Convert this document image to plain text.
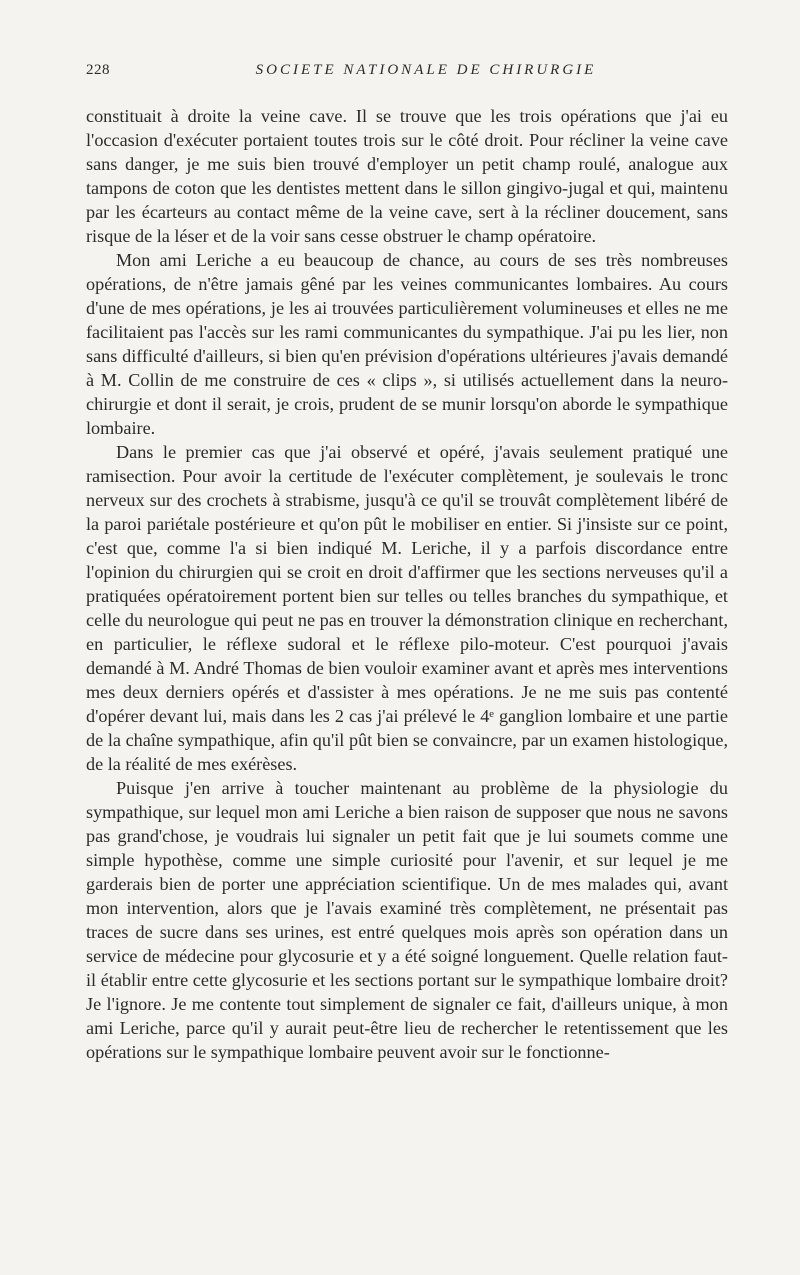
228	SOCIETE NATIONALE DE CHIRURGIE

constituait à droite la veine cave. Il se trouve que les trois opérations que j'ai eu l'occasion d'exécuter portaient toutes trois sur le côté droit. Pour récliner la veine cave sans danger, je me suis bien trouvé d'employer un petit champ roulé, analogue aux tampons de coton que les dentistes mettent dans le sillon gingivo-jugal et qui, maintenu par les écarteurs au contact même de la veine cave, sert à la récliner doucement, sans risque de la léser et de la voir sans cesse obstruer le champ opératoire.

Mon ami Leriche a eu beaucoup de chance, au cours de ses très nombreuses opérations, de n'être jamais gêné par les veines communicantes lombaires. Au cours d'une de mes opérations, je les ai trouvées particulièrement volumineuses et elles ne me facilitaient pas l'accès sur les rami communicantes du sympathique. J'ai pu les lier, non sans difficulté d'ailleurs, si bien qu'en prévision d'opérations ultérieures j'avais demandé à M. Collin de me construire de ces « clips », si utilisés actuellement dans la neuro-chirurgie et dont il serait, je crois, prudent de se munir lorsqu'on aborde le sympathique lombaire.

Dans le premier cas que j'ai observé et opéré, j'avais seulement pratiqué une ramisection. Pour avoir la certitude de l'exécuter complètement, je soulevais le tronc nerveux sur des crochets à strabisme, jusqu'à ce qu'il se trouvât complètement libéré de la paroi pariétale postérieure et qu'on pût le mobiliser en entier. Si j'insiste sur ce point, c'est que, comme l'a si bien indiqué M. Leriche, il y a parfois discordance entre l'opinion du chirurgien qui se croit en droit d'affirmer que les sections nerveuses qu'il a pratiquées opératoirement portent bien sur telles ou telles branches du sympathique, et celle du neurologue qui peut ne pas en trouver la démonstration clinique en recherchant, en particulier, le réflexe sudoral et le réflexe pilo-moteur. C'est pourquoi j'avais demandé à M. André Thomas de bien vouloir examiner avant et après mes interventions mes deux derniers opérés et d'assister à mes opérations. Je ne me suis pas contenté d'opérer devant lui, mais dans les 2 cas j'ai prélevé le 4ᵉ ganglion lombaire et une partie de la chaîne sympathique, afin qu'il pût bien se convaincre, par un examen histologique, de la réalité de mes exérèses.

Puisque j'en arrive à toucher maintenant au problème de la physiologie du sympathique, sur lequel mon ami Leriche a bien raison de supposer que nous ne savons pas grand'chose, je voudrais lui signaler un petit fait que je lui soumets comme une simple hypothèse, comme une simple curiosité pour l'avenir, et sur lequel je me garderais bien de porter une appréciation scientifique. Un de mes malades qui, avant mon intervention, alors que je l'avais examiné très complètement, ne présentait pas traces de sucre dans ses urines, est entré quelques mois après son opération dans un service de médecine pour glycosurie et y a été soigné longuement. Quelle relation faut-il établir entre cette glycosurie et les sections portant sur le sympathique lombaire droit? Je l'ignore. Je me contente tout simplement de signaler ce fait, d'ailleurs unique, à mon ami Leriche, parce qu'il y aurait peut-être lieu de rechercher le retentissement que les opérations sur le sympathique lombaire peuvent avoir sur le fonctionne-
